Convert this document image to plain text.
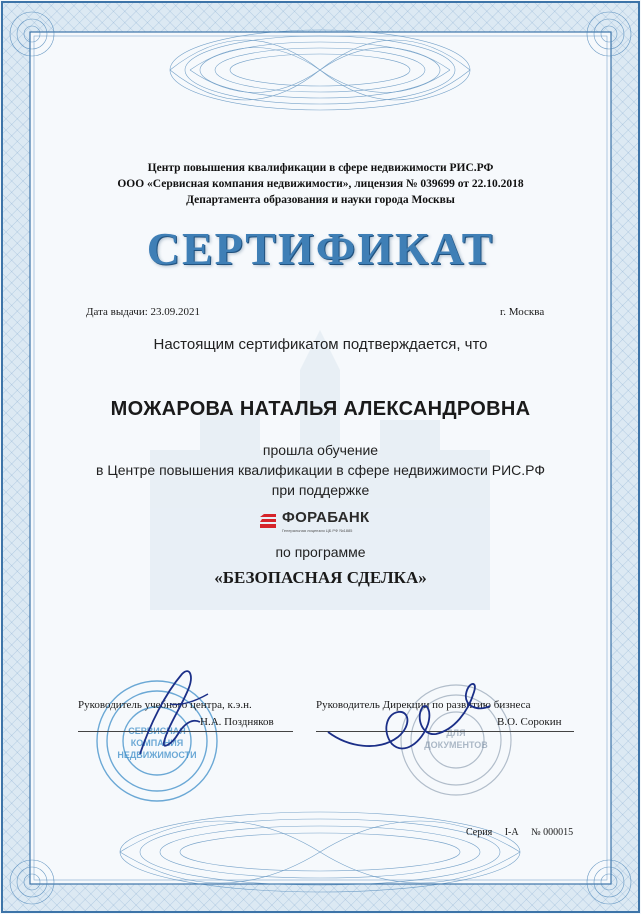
Центр повышения квалификации в сфере недвижимости РИС.РФ
ООО «Сервисная компания недвижимости», лицензия № 039699 от 22.10.2018
Департамента образования и науки города Москвы
СЕРТИФИКАТ
Дата выдачи: 23.09.2021	г. Москва
Настоящим сертификатом подтверждается, что
МОЖАРОВА НАТАЛЬЯ АЛЕКСАНДРОВНА
прошла обучение
в Центре повышения квалификации в сфере недвижимости РИС.РФ
при поддержке
ФОРАБАНК
Генеральная лицензия ЦБ РФ №1885
по программе
«БЕЗОПАСНАЯ СДЕЛКА»
СЕРВИСНАЯ
КОМПАНИЯ
НЕДВИЖИМОСТИ
ДЛЯ
ДОКУМЕНТОВ
Руководитель учебного центра, к.э.н.
Н.А. Поздняков
Руководитель Дирекции по развитию бизнеса
В.О. Сорокин
Серия I-А № 000015
